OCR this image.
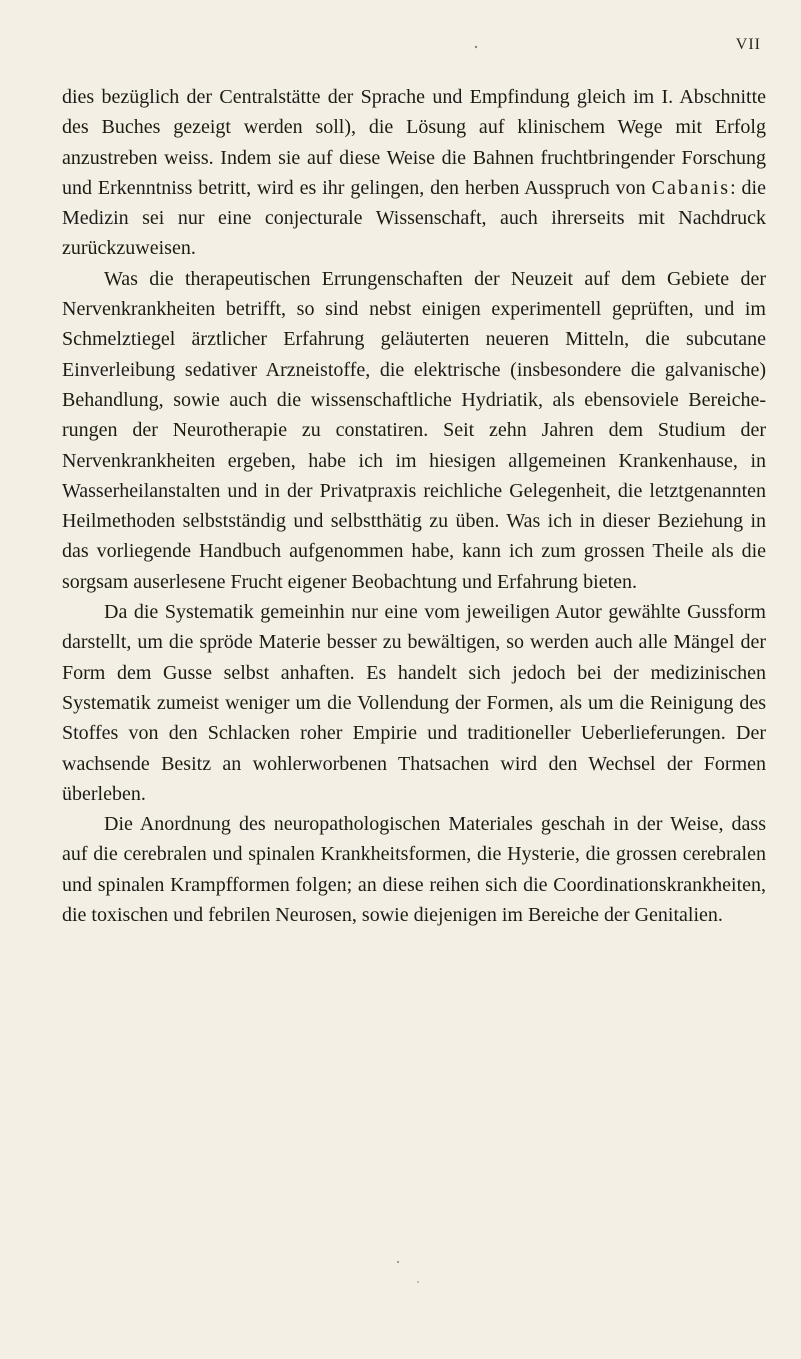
VII

dies bezüglich der Centralstätte der Sprache und Empfindung gleich im I. Abschnitte des Buches gezeigt werden soll), die Lösung auf klinischem Wege mit Erfolg anzustreben weiss. Indem sie auf diese Weise die Bahnen fruchtbringender Forschung und Erkenntniss betritt, wird es ihr gelingen, den herben Ausspruch von Cabanis: die Medizin sei nur eine conjecturale Wissenschaft, auch ihrerseits mit Nachdruck zurückzuweisen.

Was die therapeutischen Errungenschaften der Neuzeit auf dem Gebiete der Nervenkrankheiten betrifft, so sind nebst einigen experimentell geprüften, und im Schmelztiegel ärztlicher Erfahrung geläuterten neueren Mitteln, die subcutane Einverleibung sedativer Arzneistoffe, die elektrische (insbesondere die galvanische) Behandlung, sowie auch die wissenschaftliche Hydriatik, als ebensoviele Bereicherungen der Neurotherapie zu constatiren. Seit zehn Jahren dem Studium der Nervenkrankheiten ergeben, habe ich im hiesigen allgemeinen Krankenhause, in Wasserheilanstalten und in der Privatpraxis reichliche Gelegenheit, die letztgenannten Heilmethoden selbstständig und selbstthätig zu üben. Was ich in dieser Beziehung in das vorliegende Handbuch aufgenommen habe, kann ich zum grossen Theile als die sorgsam auserlesene Frucht eigener Beobachtung und Erfahrung bieten.

Da die Systematik gemeinhin nur eine vom jeweiligen Autor gewählte Gussform darstellt, um die spröde Materie besser zu bewältigen, so werden auch alle Mängel der Form dem Gusse selbst anhaften. Es handelt sich jedoch bei der medizinischen Systematik zumeist weniger um die Vollendung der Formen, als um die Reinigung des Stoffes von den Schlacken roher Empirie und traditioneller Ueberlieferungen. Der wachsende Besitz an wohlerworbenen Thatsachen wird den Wechsel der Formen überleben.

Die Anordnung des neuropathologischen Materiales geschah in der Weise, dass auf die cerebralen und spinalen Krankheitsformen, die Hysterie, die grossen cerebralen und spinalen Krampfformen folgen; an diese reihen sich die Coordinationskrankheiten, die toxischen und febrilen Neurosen, sowie diejenigen im Bereiche der Genitalien.
